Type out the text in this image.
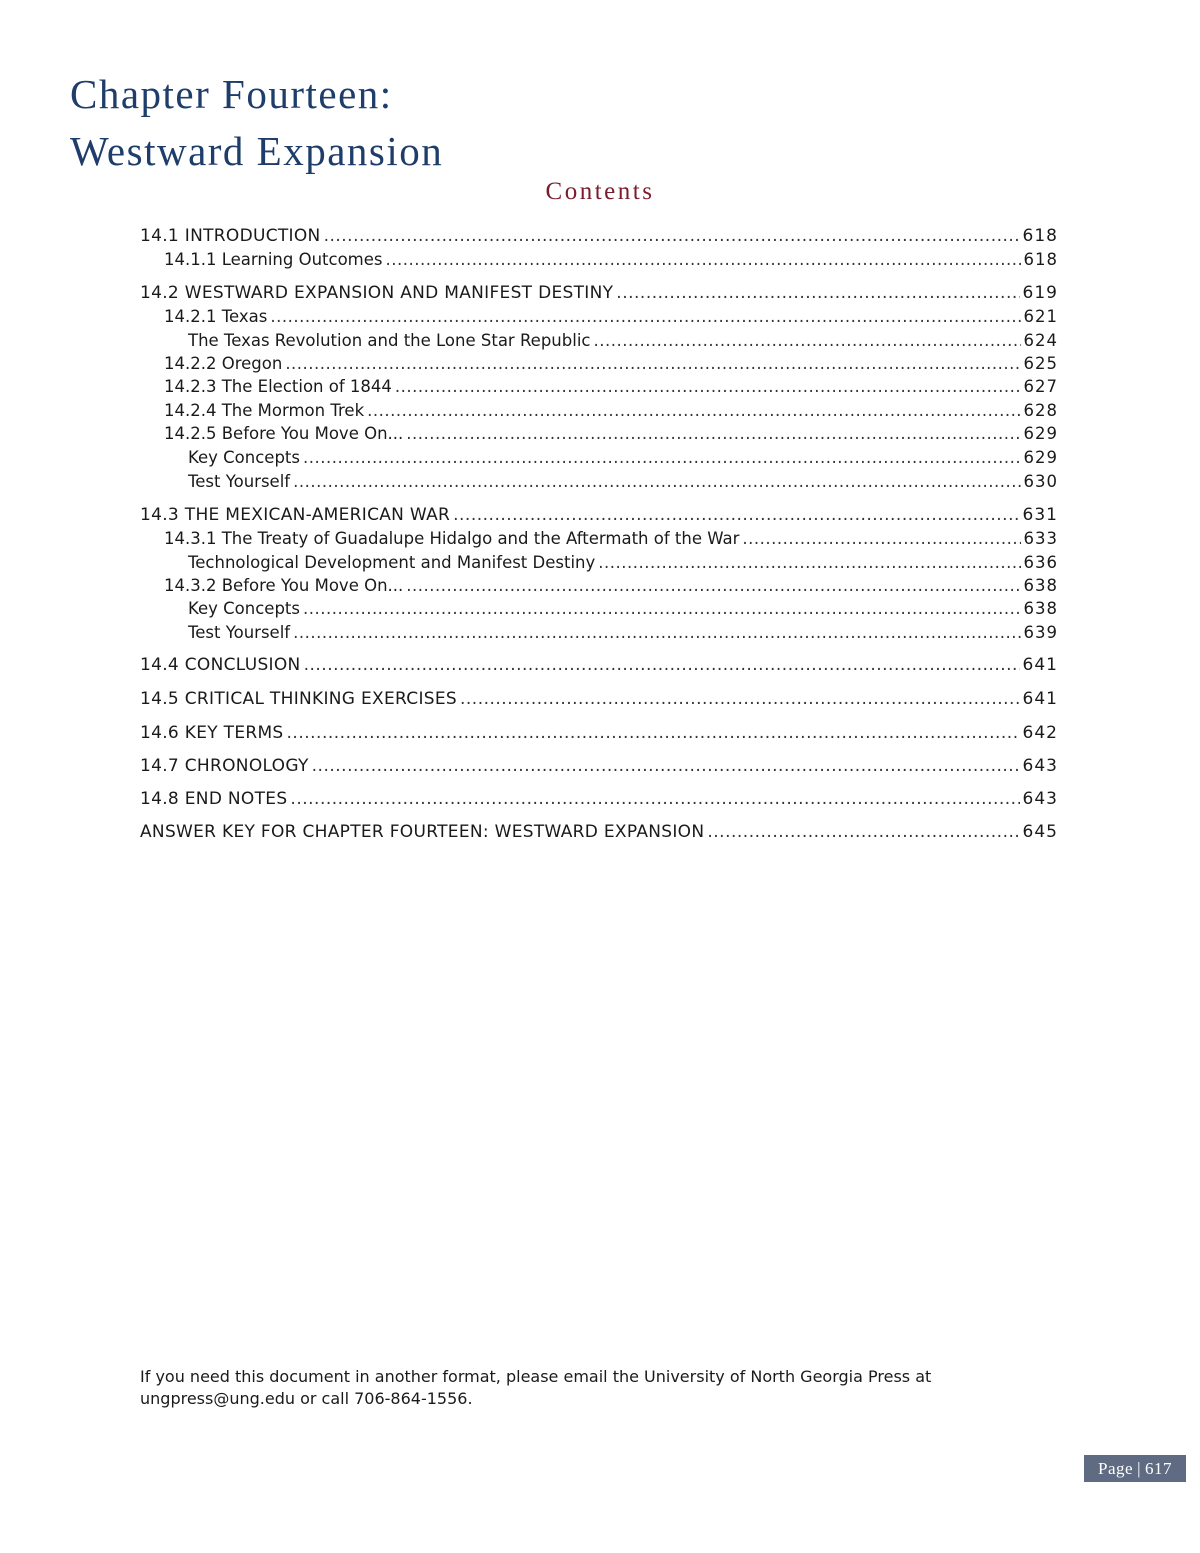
Chapter Fourteen:
Westward Expansion
Contents
14.1 INTRODUCTION .....	618
14.1.1 Learning Outcomes .....	618
14.2 WESTWARD EXPANSION AND MANIFEST DESTINY .....	619
14.2.1 Texas .....	621
The Texas Revolution and the Lone Star Republic .....	624
14.2.2 Oregon .....	625
14.2.3 The Election of 1844 .....	627
14.2.4 The Mormon Trek .....	628
14.2.5 Before You Move On... .....	629
Key Concepts .....	629
Test Yourself .....	630
14.3 THE MEXICAN-AMERICAN WAR .....	631
14.3.1 The Treaty of Guadalupe Hidalgo and the Aftermath of the War .....	633
Technological Development and Manifest Destiny .....	636
14.3.2 Before You Move On... .....	638
Key Concepts .....	638
Test Yourself .....	639
14.4 CONCLUSION .....	641
14.5 CRITICAL THINKING EXERCISES .....	641
14.6 KEY TERMS .....	642
14.7 CHRONOLOGY .....	643
14.8 END NOTES .....	643
ANSWER KEY FOR CHAPTER FOURTEEN: WESTWARD EXPANSION .....	645
If you need this document in another format, please email the University of North Georgia Press at
ungpress@ung.edu or call 706-864-1556.
Page | 617
